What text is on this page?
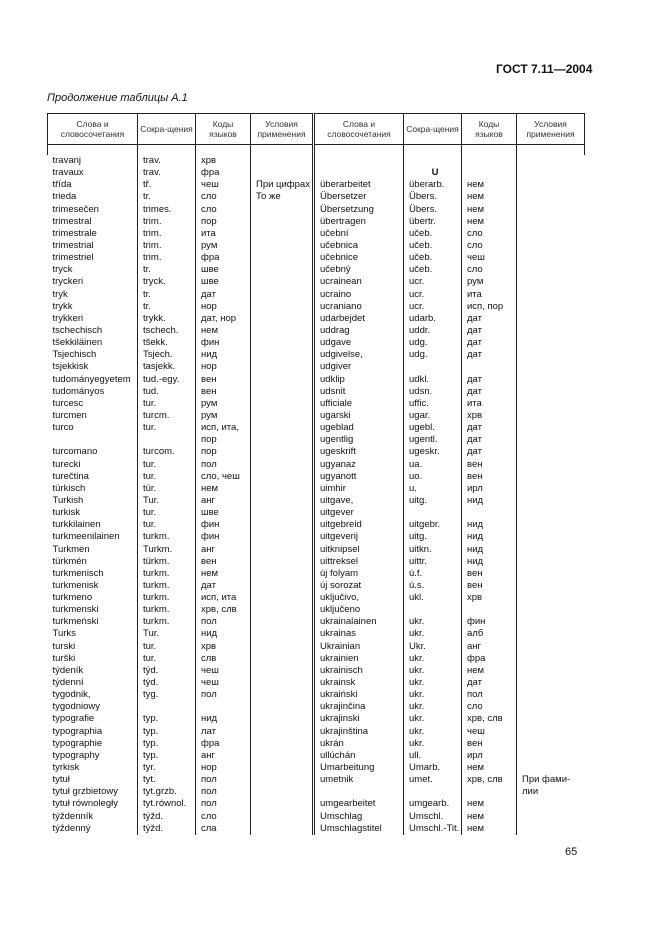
ГОСТ 7.11—2004
Продолжение таблицы А.1
Слова и словосочетания	Сокра-щения	Коды языков	Условия применения	Слова и словосочетания	Сокра-щения	Коды языков	Условия применения

travanj	trav.	хрв					
travaux	trav.	фра			U		
třída	tř.	чеш	При цифрах	überarbeitet	überarb.	нем	
trieda	tr.	сло	То же	Übersetzer	Übers.	нем	
trimesečen	trimes.	сло		Übersetzung	Übers.	нем	
trimestral	trim.	пор		übertragen	übertr.	нем	
trimestrale	trim.	ита		učební	učeb.	сло	
trimestrial	trim.	рум		učebnica	učeb.	сло	
trimestriel	trim.	фра		učebnice	učeb.	чеш	
tryck	tr.	шве		učebný	učeb.	сло	
tryckeri	tryck.	шве		ucrainean	ucr.	рум	
tryk	tr.	дат		ucraino	ucr.	ита	
trykk	tr.	нор		ucraniano	ucr.	исп, пор	
trykkeri	trykk.	дат, нор		udarbejdet	udarb.	дат	
tschechisch	tschech.	нем		uddrag	uddr.	дат	
tšekkiläinen	tšekk.	фин		udgave	udg.	дат	
Tsjechisch	Tsjech.	нид		udgivelse,	udg.	дат	
tsjekkisk	tasjekk.	нор		udgiver			
tudományegyetem	tud.-egy.	вен		udklip	udkl.	дат	
tudományos	tud.	вен		udsnit	udsn.	дат	
turcesc	tur.	рум		ufficiale	uffic.	ита	
turcmen	turcm.	рум		ugarski	ugar.	хрв	
turco	tur.	исп, ита,		ugeblad	ugebl.	дат	
		пор		ugentlig	ugentl.	дат	
turcomano	turcom.	пор		ugeskrift	ugeskr.	дат	
turecki	tur.	пол		ugyanaz	ua.	вен	
turečtina	tur.	сло, чеш		ugyanott	uo.	вен	
türkisch	tür.	нем		uimhir	u.	ирл	
Turkish	Tur.	анг		uitgave,	uitg.	нид	
turkisk	tur.	шве		uitgever			
turkkilainen	tur.	фин		uitgebreid	uitgebr.	нид	
turkmeenilainen	turkm.	фин		uitgeverij	uitg.	нид	
Turkmen	Turkm.	анг		uitknipsel	uitkn.	нид	
türkmén	türkm.	вен		uittreksel	uittr.	нид	
turkmenisch	turkm.	нем		új folyam	ú.f.	вен	
turkmenisk	turkm.	дат		új sorozat	ú.s.	вен	
turkmeno	turkm.	исп, ита		uključivo,	ukl.	хрв	
turkmenski	turkm.	хрв, слв		uključeno			
turkmeński	turkm.	пол		ukrainalainen	ukr.	фин	
Turks	Tur.	нид		ukrainas	ukr.	алб	
turski	tur.	хрв		Ukrainian	Ukr.	анг	
turški	tur.	слв		ukrainien	ukr.	фра	
týdeník	týd.	чеш		ukrainisch	ukr.	нем	
týdenní	týd.	чеш		ukrainsk	ukr.	дат	
tygodnik,	tyg.	пол		ukraiński	ukr.	пол	
tygodniowy				ukrajinčina	ukr.	сло	
typografie	typ.	нид		ukrajinski	ukr.	хрв, слв	
typographia	typ.	лат		ukrajinština	ukr.	чеш	
typographie	typ.	фра		ukrán	ukr.	вен	
typography	typ.	анг		ullúchán	ull.	ирл	
tyrkisk	tyr.	нор		Umarbeitung	Umarb.	нем	
tytuł	tyt.	пол		umetnik	umet.	хрв, слв	При фами-
tytuł grzbietowy	tyt.grzb.	пол					лии
tytuł równoległy	tyt.równol.	пол		umgearbeitet	umgearb.	нем	
týždenník	týžd.	сло		Umschlag	Umschl.	нем	
týždenný	týžd.	сла		Umschlagstitel	Umschl.-Tit.	нем	
65
